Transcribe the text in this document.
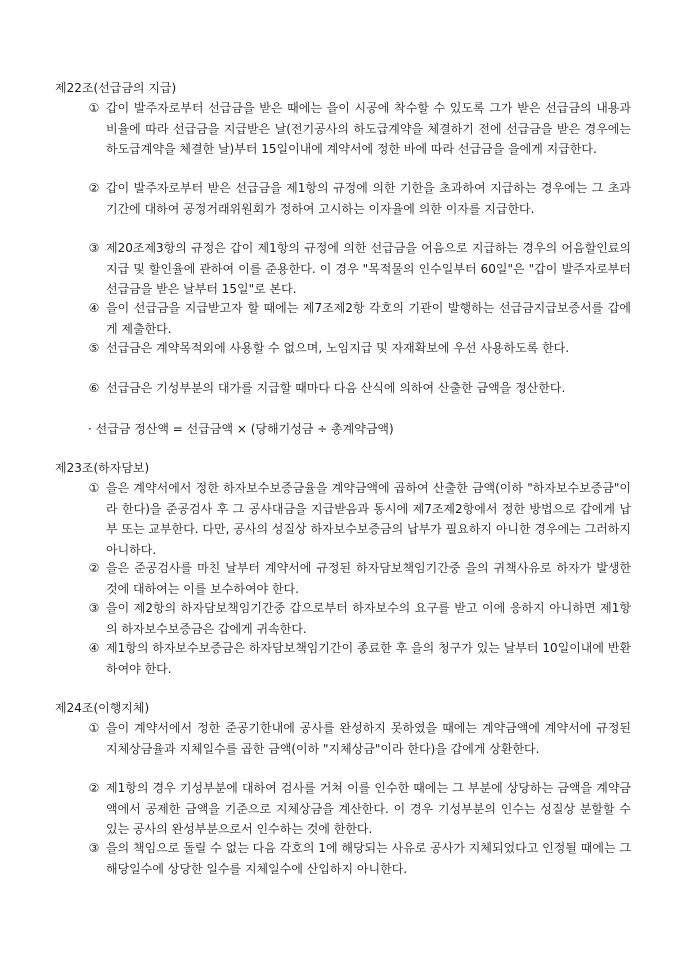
제22조(선급금의 지급)
① 갑이 발주자로부터 선급금을 받은 때에는 을이 시공에 착수할 수 있도록 그가 받은 선급금의 내용과 비율에 따라 선급금을 지급받은 날(전기공사의 하도급계약을 체결하기 전에 선급금을 받은 경우에는 하도급계약을 체결한 날)부터 15일이내에 계약서에 정한 바에 따라 선급금을 을에게 지급한다.
② 갑이 발주자로부터 받은 선급금을 제1항의 규정에 의한 기한을 초과하여 지급하는 경우에는 그 초과기간에 대하여 공정거래위원회가 정하여 고시하는 이자율에 의한 이자를 지급한다.
③ 제20조제3항의 규정은 갑이 제1항의 규정에 의한 선급금을 어음으로 지급하는 경우의 어음할인료의 지급 및 할인율에 관하여 이를 준용한다. 이 경우 "목적물의 인수일부터 60일"은 "갑이 발주자로부터 선급금을 받은 날부터 15일"로 본다.
④ 을이 선급금을 지급받고자 할 때에는 제7조제2항 각호의 기관이 발행하는 선급금지급보증서를 갑에게 제출한다.
⑤ 선급금은 계약목적외에 사용할 수 없으며, 노임지급 및 자재확보에 우선 사용하도록 한다.
⑥ 선급금은 기성부분의 대가를 지급할 때마다 다음 산식에 의하여 산출한 금액을 정산한다.
· 선급금 정산액 = 선급금액 × (당해기성금 ÷ 총계약금액)
제23조(하자담보)
① 을은 계약서에서 정한 하자보수보증금율을 계약금액에 곱하여 산출한 금액(이하 "하자보수보증금"이라 한다)을 준공검사 후 그 공사대금을 지급받음과 동시에 제7조제2항에서 정한 방법으로 갑에게 납부 또는 교부한다. 다만, 공사의 성질상 하자보수보증금의 납부가 필요하지 아니한 경우에는 그러하지 아니하다.
② 을은 준공검사를 마친 날부터 계약서에 규정된 하자담보책임기간중 을의 귀책사유로 하자가 발생한 것에 대하여는 이를 보수하여야 한다.
③ 을이 제2항의 하자담보책임기간중 갑으로부터 하자보수의 요구를 받고 이에 응하지 아니하면 제1항의 하자보수보증금은 갑에게 귀속한다.
④ 제1항의 하자보수보증금은 하자담보책임기간이 종료한 후 을의 청구가 있는 날부터 10일이내에 반환하여야 한다.
제24조(이행지체)
① 을이 계약서에서 정한 준공기한내에 공사를 완성하지 못하였을 때에는 계약금액에 계약서에 규정된 지체상금율과 지체일수를 곱한 금액(이하 "지체상금"이라 한다)을 갑에게 상환한다.
② 제1항의 경우 기성부분에 대하여 검사를 거쳐 이를 인수한 때에는 그 부분에 상당하는 금액을 계약금액에서 공제한 금액을 기준으로 지체상금을 계산한다. 이 경우 기성부분의 인수는 성질상 분할할 수 있는 공사의 완성부분으로서 인수하는 것에 한한다.
③ 을의 책임으로 돌릴 수 없는 다음 각호의 1에 해당되는 사유로 공사가 지체되었다고 인정될 때에는 그 해당일수에 상당한 일수를 지체일수에 산입하지 아니한다.
